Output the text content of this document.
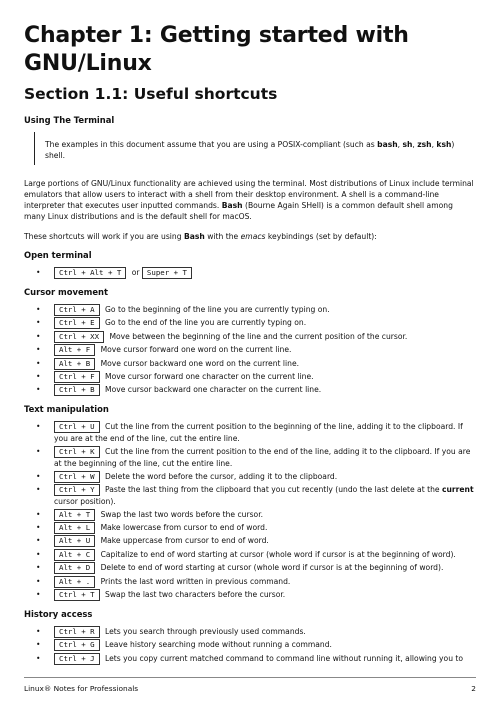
Chapter 1: Getting started with GNU/Linux
Section 1.1: Useful shortcuts
Using The Terminal

The examples in this document assume that you are using a POSIX-compliant (such as bash, sh, zsh, ksh) shell.

Large portions of GNU/Linux functionality are achieved using the terminal. Most distributions of Linux include terminal emulators that allow users to interact with a shell from their desktop environment. A shell is a command-line interpreter that executes user inputted commands. Bash (Bourne Again SHell) is a common default shell among many Linux distributions and is the default shell for macOS.

These shortcuts will work if you are using Bash with the emacs keybindings (set by default):

Open terminal
•	Ctrl + Alt + T or Super + T
Cursor movement
•	Ctrl + A Go to the beginning of the line you are currently typing on.
•	Ctrl + E Go to the end of the line you are currently typing on.
•	Ctrl + XX Move between the beginning of the line and the current position of the cursor.
•	Alt + F Move cursor forward one word on the current line.
•	Alt + B Move cursor backward one word on the current line.
•	Ctrl + F Move cursor forward one character on the current line.
•	Ctrl + B Move cursor backward one character on the current line.
Text manipulation
•	Ctrl + U Cut the line from the current position to the beginning of the line, adding it to the clipboard. If you are at the end of the line, cut the entire line.
•	Ctrl + K Cut the line from the current position to the end of the line, adding it to the clipboard. If you are at the beginning of the line, cut the entire line.
•	Ctrl + W Delete the word before the cursor, adding it to the clipboard.
•	Ctrl + Y Paste the last thing from the clipboard that you cut recently (undo the last delete at the current cursor position).
•	Alt + T Swap the last two words before the cursor.
•	Alt + L Make lowercase from cursor to end of word.
•	Alt + U Make uppercase from cursor to end of word.
•	Alt + C Capitalize to end of word starting at cursor (whole word if cursor is at the beginning of word).
•	Alt + D Delete to end of word starting at cursor (whole word if cursor is at the beginning of word).
•	Alt + . Prints the last word written in previous command.
•	Ctrl + T Swap the last two characters before the cursor.
History access
•	Ctrl + R Lets you search through previously used commands.
•	Ctrl + G Leave history searching mode without running a command.
•	Ctrl + J Lets you copy current matched command to command line without running it, allowing you to
Linux® Notes for Professionals	2
